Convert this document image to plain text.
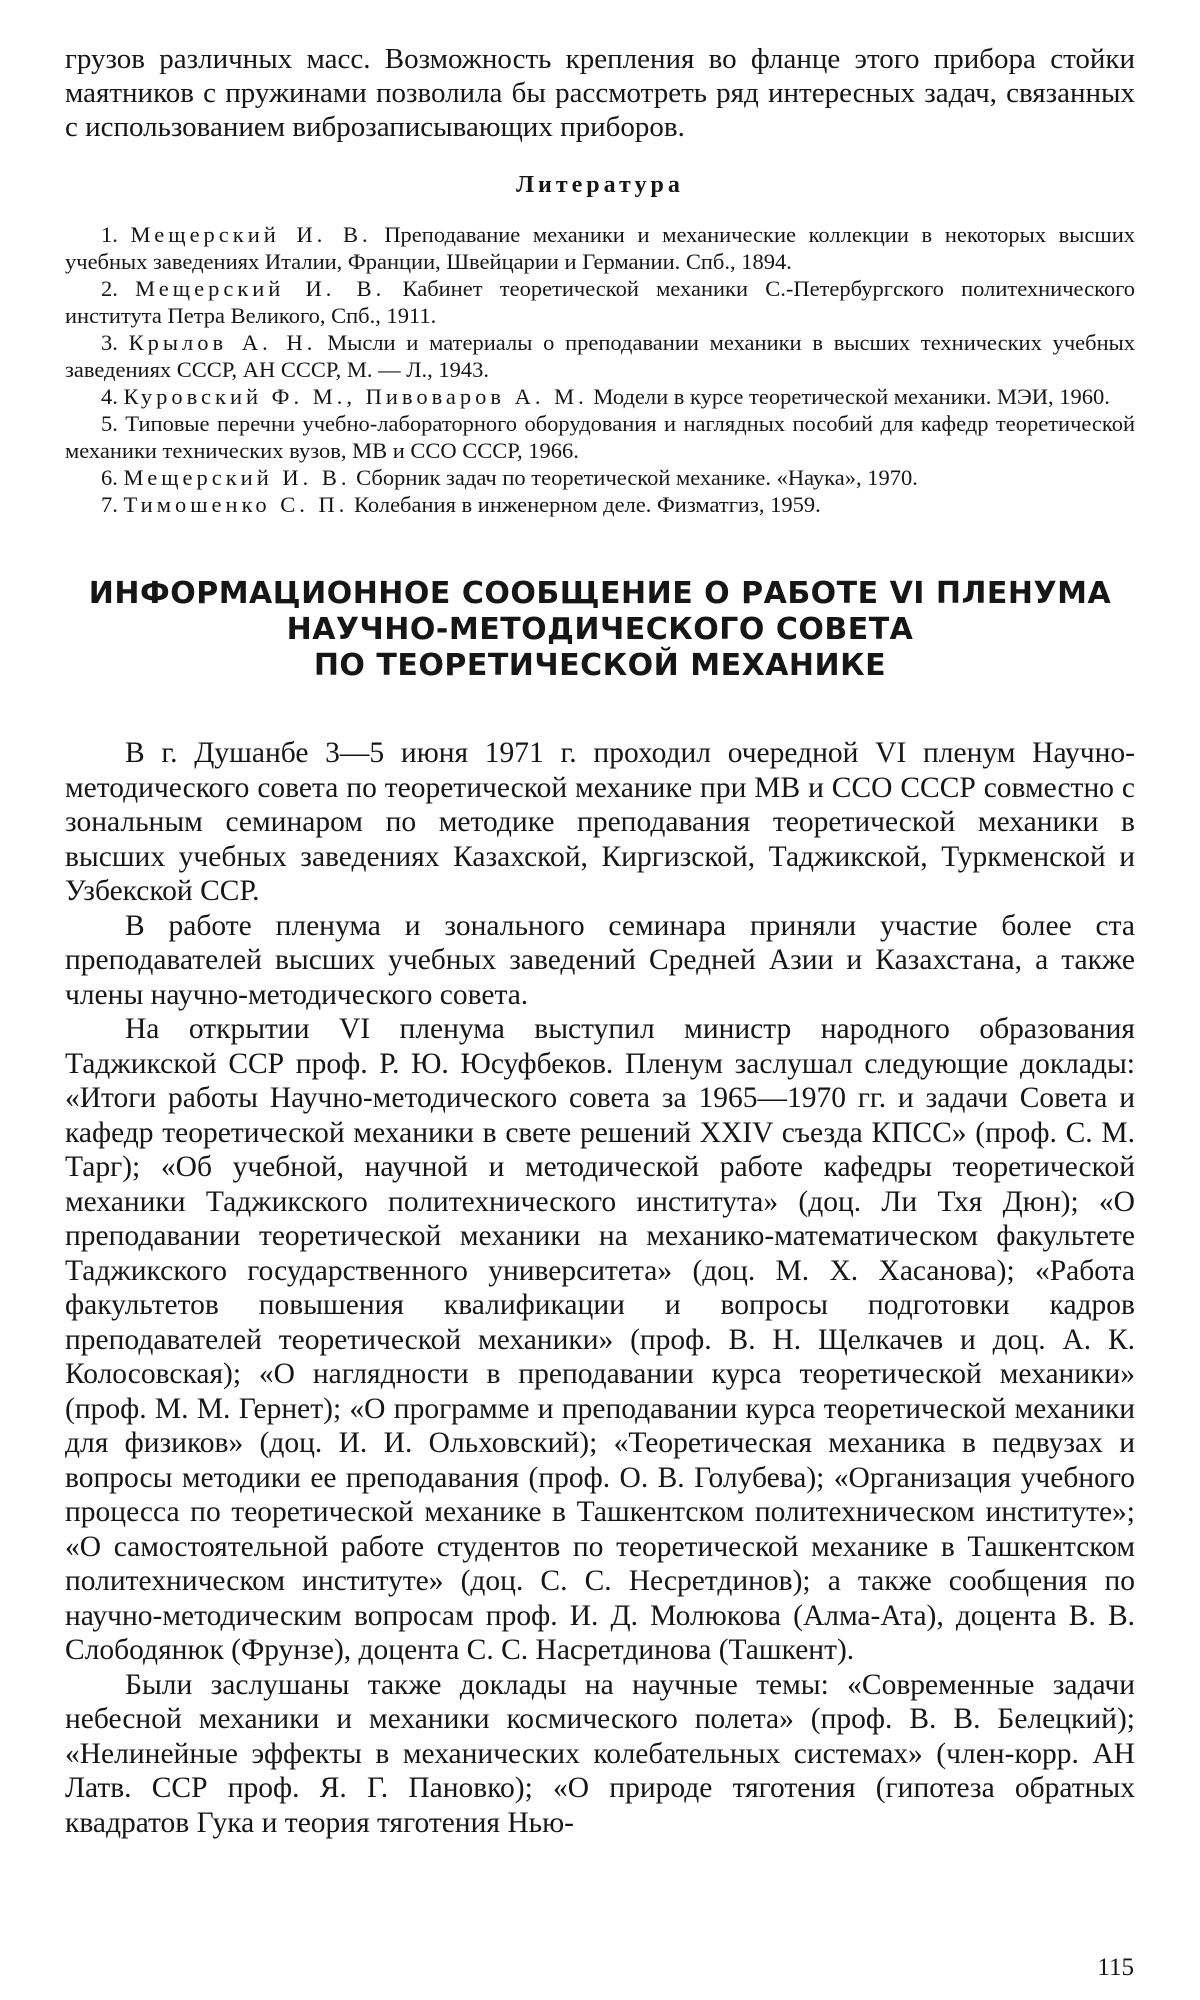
грузов различных масс. Возможность крепления во фланце этого прибора стойки маятников с пружинами позволила бы рассмотреть ряд интересных задач, связанных с использованием виброзаписывающих приборов.

Литература

1. Мещерский И. В. Преподавание механики и механические коллекции в некоторых высших учебных заведениях Италии, Франции, Швейцарии и Германии. Спб., 1894.

2. Мещерский И. В. Кабинет теоретической механики С.-Петербургского политехнического института Петра Великого, Спб., 1911.

3. Крылов А. Н. Мысли и материалы о преподавании механики в высших технических учебных заведениях СССР, АН СССР, М. — Л., 1943.

4. Куровский Ф. М., Пивоваров А. М. Модели в курсе теоретической механики. МЭИ, 1960.

5. Типовые перечни учебно-лабораторного оборудования и наглядных пособий для кафедр теоретической механики технических вузов, МВ и ССО СССР, 1966.

6. Мещерский И. В. Сборник задач по теоретической механике. «Наука», 1970.

7. Тимошенко С. П. Колебания в инженерном деле. Физматгиз, 1959.

ИНФОРМАЦИОННОЕ СООБЩЕНИЕ О РАБОТЕ VI ПЛЕНУМА
НАУЧНО-МЕТОДИЧЕСКОГО СОВЕТА
ПО ТЕОРЕТИЧЕСКОЙ МЕХАНИКЕ

В г. Душанбе 3—5 июня 1971 г. проходил очередной VI пленум Научно-методического совета по теоретической механике при МВ и ССО СССР совместно с зональным семинаром по методике преподавания теоретической механики в высших учебных заведениях Казахской, Киргизской, Таджикской, Туркменской и Узбекской ССР.

В работе пленума и зонального семинара приняли участие более ста преподавателей высших учебных заведений Средней Азии и Казахстана, а также члены научно-методического совета.

На открытии VI пленума выступил министр народного образования Таджикской ССР проф. Р. Ю. Юсуфбеков. Пленум заслушал следующие доклады: «Итоги работы Научно-методического совета за 1965—1970 гг. и задачи Совета и кафедр теоретической механики в свете решений XXIV съезда КПСС» (проф. С. М. Тарг); «Об учебной, научной и методической работе кафедры теоретической механики Таджикского политехнического института» (доц. Ли Тхя Дюн); «О преподавании теоретической механики на механико-математическом факультете Таджикского государственного университета» (доц. М. Х. Хасанова); «Работа факультетов повышения квалификации и вопросы подготовки кадров преподавателей теоретической механики» (проф. В. Н. Щелкачев и доц. А. К. Колосовская); «О наглядности в преподавании курса теоретической механики» (проф. М. М. Гернет); «О программе и преподавании курса теоретической механики для физиков» (доц. И. И. Ольховский); «Теоретическая механика в педвузах и вопросы методики ее преподавания (проф. О. В. Голубева); «Организация учебного процесса по теоретической механике в Ташкентском политехническом институте»; «О самостоятельной работе студентов по теоретической механике в Ташкентском политехническом институте» (доц. С. С. Несретдинов); а также сообщения по научно-методическим вопросам проф. И. Д. Молюкова (Алма-Ата), доцента В. В. Слободянюк (Фрунзе), доцента С. С. Насретдинова (Ташкент).

Были заслушаны также доклады на научные темы: «Современные задачи небесной механики и механики космического полета» (проф. В. В. Белецкий); «Нелинейные эффекты в механических колебательных системах» (член-корр. АН Латв. ССР проф. Я. Г. Пановко); «О природе тяготения (гипотеза обратных квадратов Гука и теория тяготения Нью-

115
